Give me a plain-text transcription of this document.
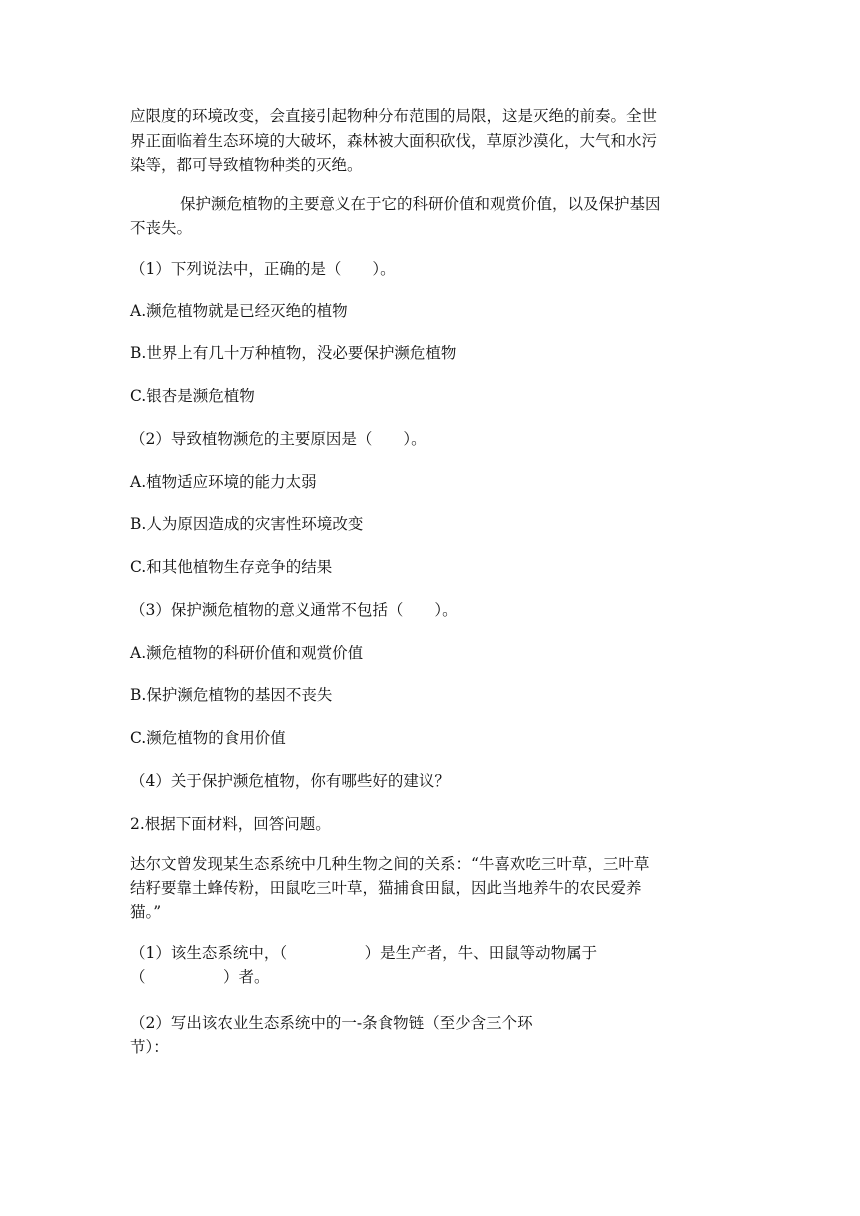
应限度的环境改变，会直接引起物种分布范围的局限，这是灭绝的前奏。全世
界正面临着生态环境的大破坏，森林被大面积砍伐，草原沙漠化，大气和水污
染等，都可导致植物种类的灭绝。
保护濒危植物的主要意义在于它的科研价值和观赏价值，以及保护基因
不丧失。
（1）下列说法中，正确的是（　　）。
A.濒危植物就是已经灭绝的植物
B.世界上有几十万种植物，没必要保护濒危植物
C.银杏是濒危植物
（2）导致植物濒危的主要原因是（　　）。
A.植物适应环境的能力太弱
B.人为原因造成的灾害性环境改变
C.和其他植物生存竞争的结果
（3）保护濒危植物的意义通常不包括（　　）。
A.濒危植物的科研价值和观赏价值
B.保护濒危植物的基因不丧失
C.濒危植物的食用价值
（4）关于保护濒危植物，你有哪些好的建议？
2.根据下面材料，回答问题。
达尔文曾发现某生态系统中几种生物之间的关系：“牛喜欢吃三叶草，三叶草
结籽要靠土蜂传粉，田鼠吃三叶草，猫捕食田鼠，因此当地养牛的农民爱养
猫。”
（1）该生态系统中，（　　　　　）是生产者，牛、田鼠等动物属于
（　　　　　）者。
（2）写出该农业生态系统中的一-条食物链（至少含三个环
节）：
